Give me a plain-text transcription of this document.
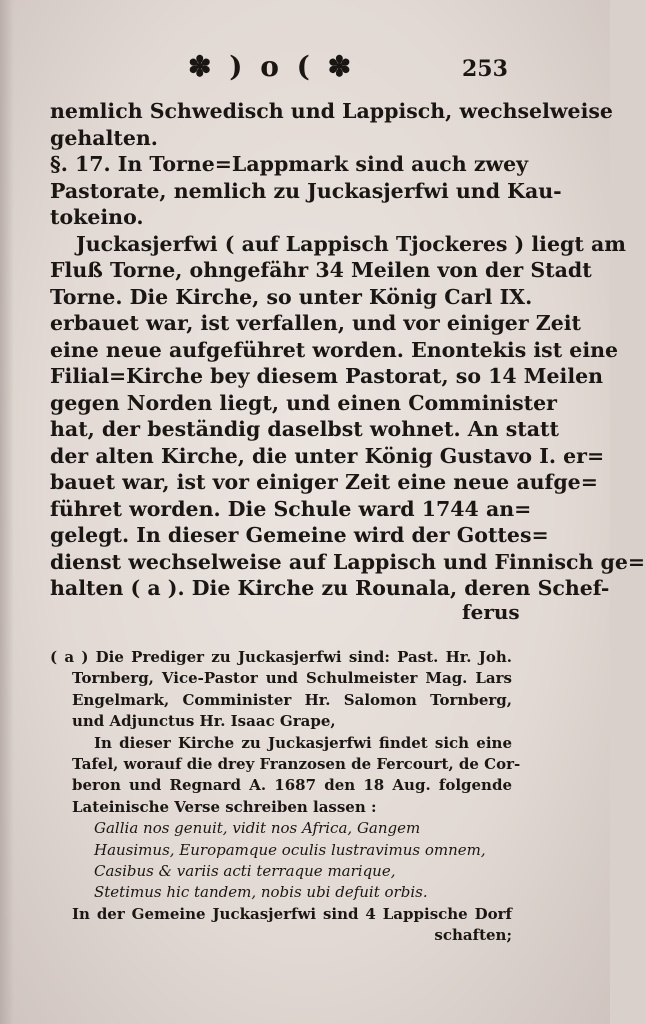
✽ ) o ( ✽	253
nemlich Schwedisch und Lappisch, wechselweise
gehalten.
§. 17. In Torne=Lappmark sind auch zwey
Pastorate, nemlich zu Juckasjerfwi und Kau-
tokeino.
Juckasjerfwi ( auf Lappisch Tjockeres ) liegt am
Fluß Torne, ohngefähr 34 Meilen von der Stadt
Torne. Die Kirche, so unter König Carl IX.
erbauet war, ist verfallen, und vor einiger Zeit
eine neue aufgeführet worden. Enontekis ist eine
Filial=Kirche bey diesem Pastorat, so 14 Meilen
gegen Norden liegt, und einen Comminister
hat, der beständig daselbst wohnet. An statt
der alten Kirche, die unter König Gustavo I. er=
bauet war, ist vor einiger Zeit eine neue aufge=
führet worden. Die Schule ward 1744 an=
gelegt. In dieser Gemeine wird der Gottes=
dienst wechselweise auf Lappisch und Finnisch ge=
halten ( a ). Die Kirche zu Rounala, deren Schef-
ferus
( a ) Die Prediger zu Juckasjerfwi sind: Past. Hr. Joh.
Tornberg, Vice-Pastor und Schulmeister Mag. Lars
Engelmark, Comminister Hr. Salomon Tornberg,
und Adjunctus Hr. Isaac Grape,
In dieser Kirche zu Juckasjerfwi findet sich eine
Tafel, worauf die drey Franzosen de Fercourt, de Cor-
beron und Regnard A. 1687 den 18 Aug. folgende
Lateinische Verse schreiben lassen :
Gallia nos genuit, vidit nos Africa, Gangem
Hausimus, Europamque oculis lustravimus omnem,
Casibus & variis acti terraque marique,
Stetimus hic tandem, nobis ubi defuit orbis.
In der Gemeine Juckasjerfwi sind 4 Lappische Dorf
schaften;
